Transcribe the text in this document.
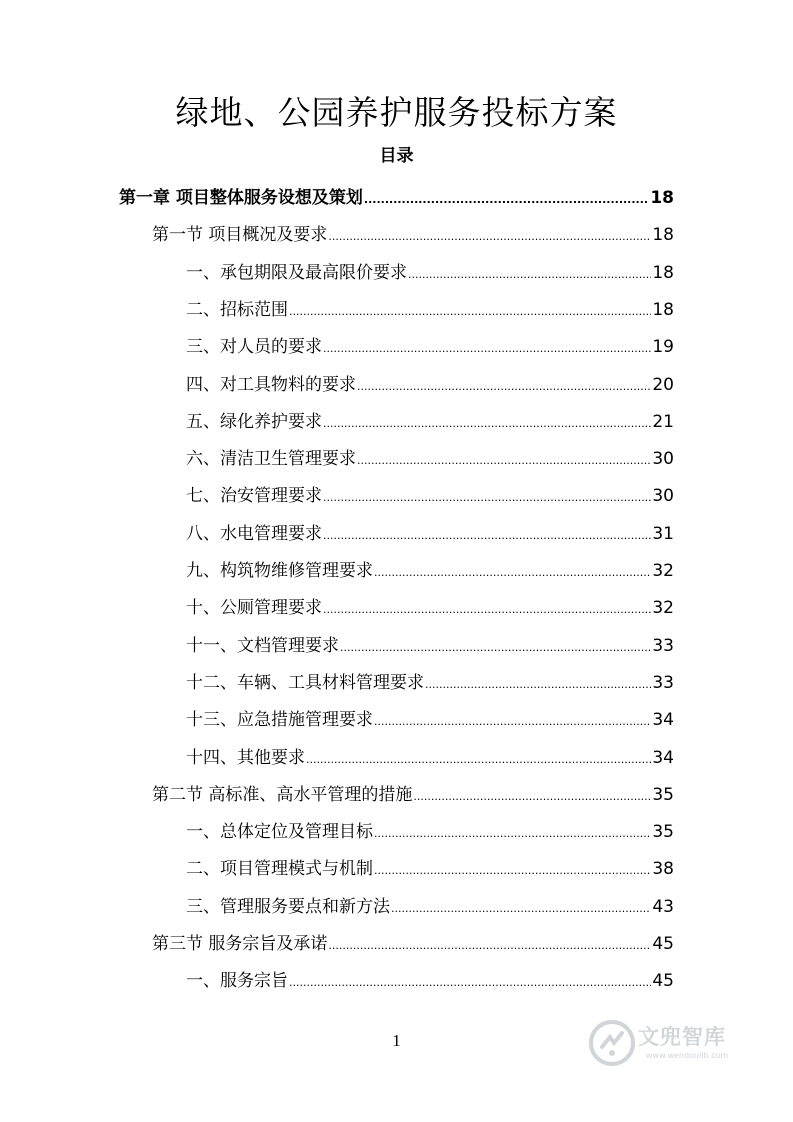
绿地、公园养护服务投标方案
目录
第一章 项目整体服务设想及策划 .....	18
第一节 项目概况及要求 .....	18
一、承包期限及最高限价要求 .....	18
二、招标范围 .....	18
三、对人员的要求 .....	19
四、对工具物料的要求 .....	20
五、绿化养护要求 .....	21
六、清洁卫生管理要求 .....	30
七、治安管理要求 .....	30
八、水电管理要求 .....	31
九、构筑物维修管理要求 .....	32
十、公厕管理要求 .....	32
十一、文档管理要求 .....	33
十二、车辆、工具材料管理要求 .....	33
十三、应急措施管理要求 .....	34
十四、其他要求 .....	34
第二节 高标准、高水平管理的措施 .....	35
一、总体定位及管理目标 .....	35
二、项目管理模式与机制 .....	38
三、管理服务要点和新方法 .....	43
第三节 服务宗旨及承诺 .....	45
一、服务宗旨 .....	45
1	文兜智库
www.wendoulib.com
